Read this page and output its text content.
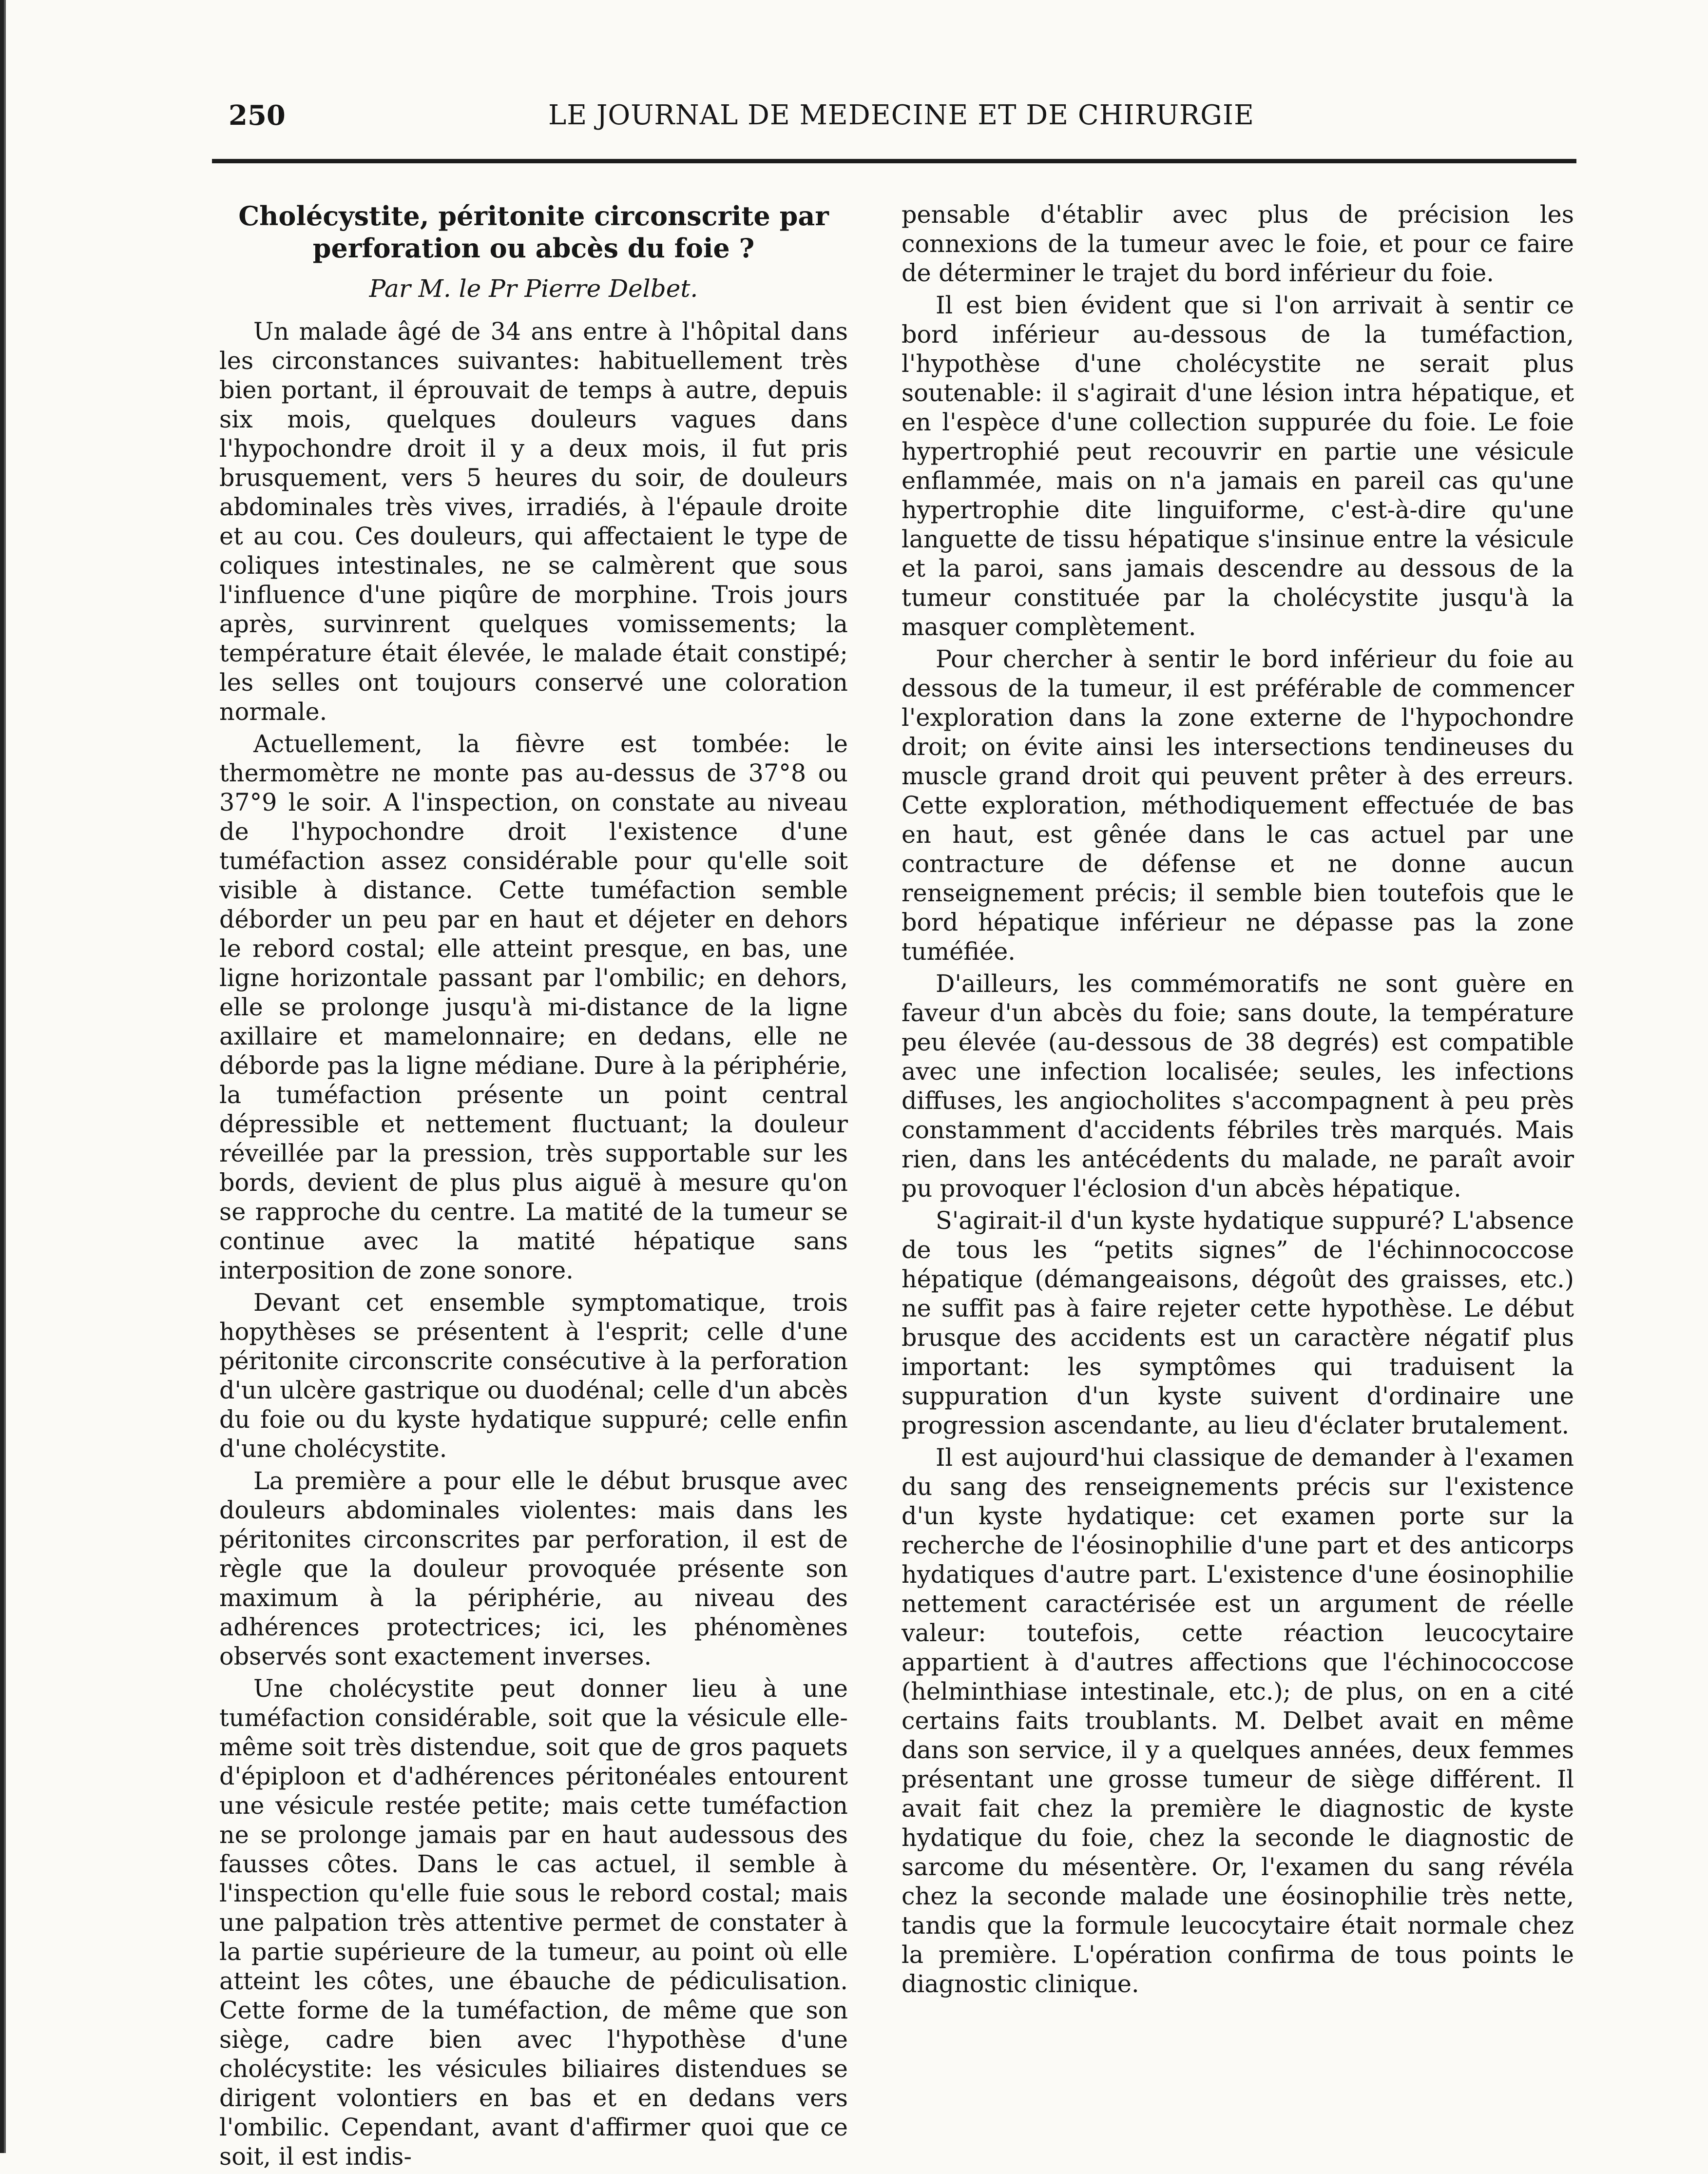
250	LE JOURNAL DE MEDECINE ET DE CHIRURGIE
Cholécystite, péritonite circonscrite par perforation ou abcès du foie ?
Par M. le Pr Pierre Delbet.

Un malade âgé de 34 ans entre à l'hôpital dans les circonstances suivantes: habituellement très bien portant, il éprouvait de temps à autre, depuis six mois, quelques douleurs vagues dans l'hypochondre droit il y a deux mois, il fut pris brusquement, vers 5 heures du soir, de douleurs abdominales très vives, irradiés, à l'épaule droite et au cou. Ces douleurs, qui affectaient le type de coliques intestinales, ne se calmèrent que sous l'influence d'une piqûre de morphine. Trois jours après, survinrent quelques vomissements; la température était élevée, le malade était constipé; les selles ont toujours conservé une coloration normale.

Actuellement, la fièvre est tombée: le thermomètre ne monte pas au-dessus de 37°8 ou 37°9 le soir. A l'inspection, on constate au niveau de l'hypochondre droit l'existence d'une tuméfaction assez considérable pour qu'elle soit visible à distance. Cette tuméfaction semble déborder un peu par en haut et déjeter en dehors le rebord costal; elle atteint presque, en bas, une ligne horizontale passant par l'ombilic; en dehors, elle se prolonge jusqu'à mi-distance de la ligne axillaire et mamelonnaire; en dedans, elle ne déborde pas la ligne médiane. Dure à la périphérie, la tuméfaction présente un point central dépressible et nettement fluctuant; la douleur réveillée par la pression, très supportable sur les bords, devient de plus plus aiguë à mesure qu'on se rapproche du centre. La matité de la tumeur se continue avec la matité hépatique sans interposition de zone sonore.

Devant cet ensemble symptomatique, trois hopythèses se présentent à l'esprit; celle d'une péritonite circonscrite consécutive à la perforation d'un ulcère gastrique ou duodénal; celle d'un abcès du foie ou du kyste hydatique suppuré; celle enfin d'une cholécystite.

La première a pour elle le début brusque avec douleurs abdominales violentes: mais dans les péritonites circonscrites par perforation, il est de règle que la douleur provoquée présente son maximum à la périphérie, au niveau des adhérences protectrices; ici, les phénomènes observés sont exactement inverses.

Une cholécystite peut donner lieu à une tuméfaction considérable, soit que la vésicule elle-même soit très distendue, soit que de gros paquets d'épiploon et d'adhérences péritonéales entourent une vésicule restée petite; mais cette tuméfaction ne se prolonge jamais par en haut audessous des fausses côtes. Dans le cas actuel, il semble à l'inspection qu'elle fuie sous le rebord costal; mais une palpation très attentive permet de constater à la partie supérieure de la tumeur, au point où elle atteint les côtes, une ébauche de pédiculisation. Cette forme de la tuméfaction, de même que son siège, cadre bien avec l'hypothèse d'une cholécystite: les vésicules biliaires distendues se dirigent volontiers en bas et en dedans vers l'ombilic. Cependant, avant d'affirmer quoi que ce soit, il est indis-

pensable d'établir avec plus de précision les connexions de la tumeur avec le foie, et pour ce faire de déterminer le trajet du bord inférieur du foie.

Il est bien évident que si l'on arrivait à sentir ce bord inférieur au-dessous de la tuméfaction, l'hypothèse d'une cholécystite ne serait plus soutenable: il s'agirait d'une lésion intra hépatique, et en l'espèce d'une collection suppurée du foie. Le foie hypertrophié peut recouvrir en partie une vésicule enflammée, mais on n'a jamais en pareil cas qu'une hypertrophie dite linguiforme, c'est-à-dire qu'une languette de tissu hépatique s'insinue entre la vésicule et la paroi, sans jamais descendre au dessous de la tumeur constituée par la cholécystite jusqu'à la masquer complètement.

Pour chercher à sentir le bord inférieur du foie au dessous de la tumeur, il est préférable de commencer l'exploration dans la zone externe de l'hypochondre droit; on évite ainsi les intersections tendineuses du muscle grand droit qui peuvent prêter à des erreurs. Cette exploration, méthodiquement effectuée de bas en haut, est gênée dans le cas actuel par une contracture de défense et ne donne aucun renseignement précis; il semble bien toutefois que le bord hépatique inférieur ne dépasse pas la zone tuméfiée.

D'ailleurs, les commémoratifs ne sont guère en faveur d'un abcès du foie; sans doute, la température peu élevée (au-dessous de 38 degrés) est compatible avec une infection localisée; seules, les infections diffuses, les angiocholites s'accompagnent à peu près constamment d'accidents fébriles très marqués. Mais rien, dans les antécédents du malade, ne paraît avoir pu provoquer l'éclosion d'un abcès hépatique.

S'agirait-il d'un kyste hydatique suppuré? L'absence de tous les “petits signes” de l'échinnococcose hépatique (démangeaisons, dégoût des graisses, etc.) ne suffit pas à faire rejeter cette hypothèse. Le début brusque des accidents est un caractère négatif plus important: les symptômes qui traduisent la suppuration d'un kyste suivent d'ordinaire une progression ascendante, au lieu d'éclater brutalement.

Il est aujourd'hui classique de demander à l'examen du sang des renseignements précis sur l'existence d'un kyste hydatique: cet examen porte sur la recherche de l'éosinophilie d'une part et des anticorps hydatiques d'autre part. L'existence d'une éosinophilie nettement caractérisée est un argument de réelle valeur: toutefois, cette réaction leucocytaire appartient à d'autres affections que l'échinococcose (helminthiase intestinale, etc.); de plus, on en a cité certains faits troublants. M. Delbet avait en même dans son service, il y a quelques années, deux femmes présentant une grosse tumeur de siège différent. Il avait fait chez la première le diagnostic de kyste hydatique du foie, chez la seconde le diagnostic de sarcome du mésentère. Or, l'examen du sang révéla chez la seconde malade une éosinophilie très nette, tandis que la formule leucocytaire était normale chez la première. L'opération confirma de tous points le diagnostic clinique.
